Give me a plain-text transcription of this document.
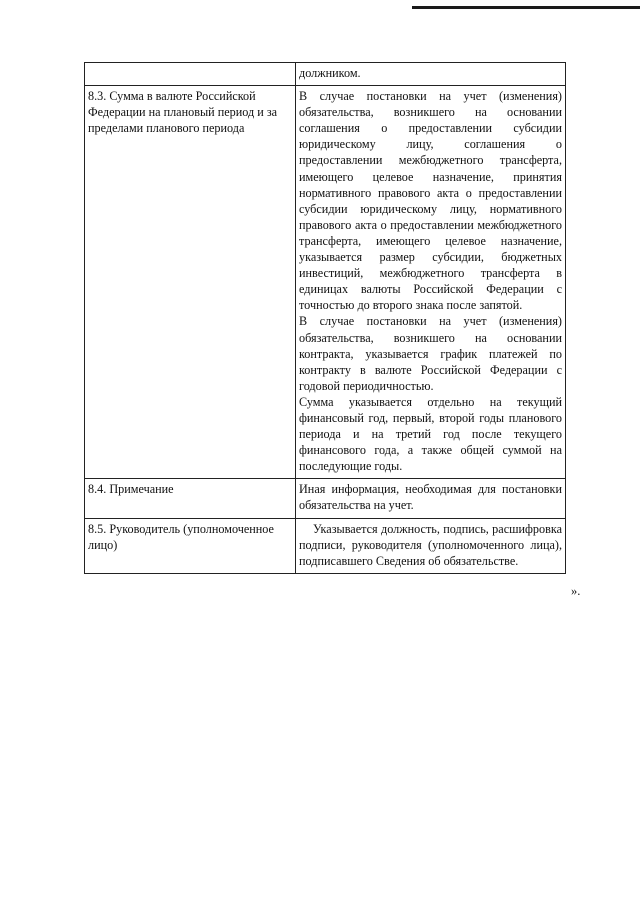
	должником.

8.3. Сумма в валюте Российской Федерации на плановый период и за пределами планового периода	В случае постановки на учет (изменения) обязательства, возникшего на основании соглашения о предоставлении субсидии юридическому лицу, соглашения о предоставлении межбюджетного трансферта, имеющего целевое назначение, принятия нормативного правового акта о предоставлении субсидии юридическому лицу, нормативного правового акта о предоставлении межбюджетного трансферта, имеющего целевое назначение, указывается размер субсидии, бюджетных инвестиций, межбюджетного трансферта в единицах валюты Российской Федерации с точностью до второго знака после запятой.

В случае постановки на учет (изменения) обязательства, возникшего на основании контракта, указывается график платежей по контракту в валюте Российской Федерации с годовой периодичностью.

Сумма указывается отдельно на текущий финансовый год, первый, второй годы планового периода и на третий год после текущего финансового года, а также общей суммой на последующие годы.

8.4. Примечание	Иная информация, необходимая для постановки обязательства на учет.

8.5. Руководитель (уполномоченное лицо)	Указывается должность, подпись, расшифровка подписи, руководителя (уполномоченного лица), подписавшего Сведения об обязательстве.

».
